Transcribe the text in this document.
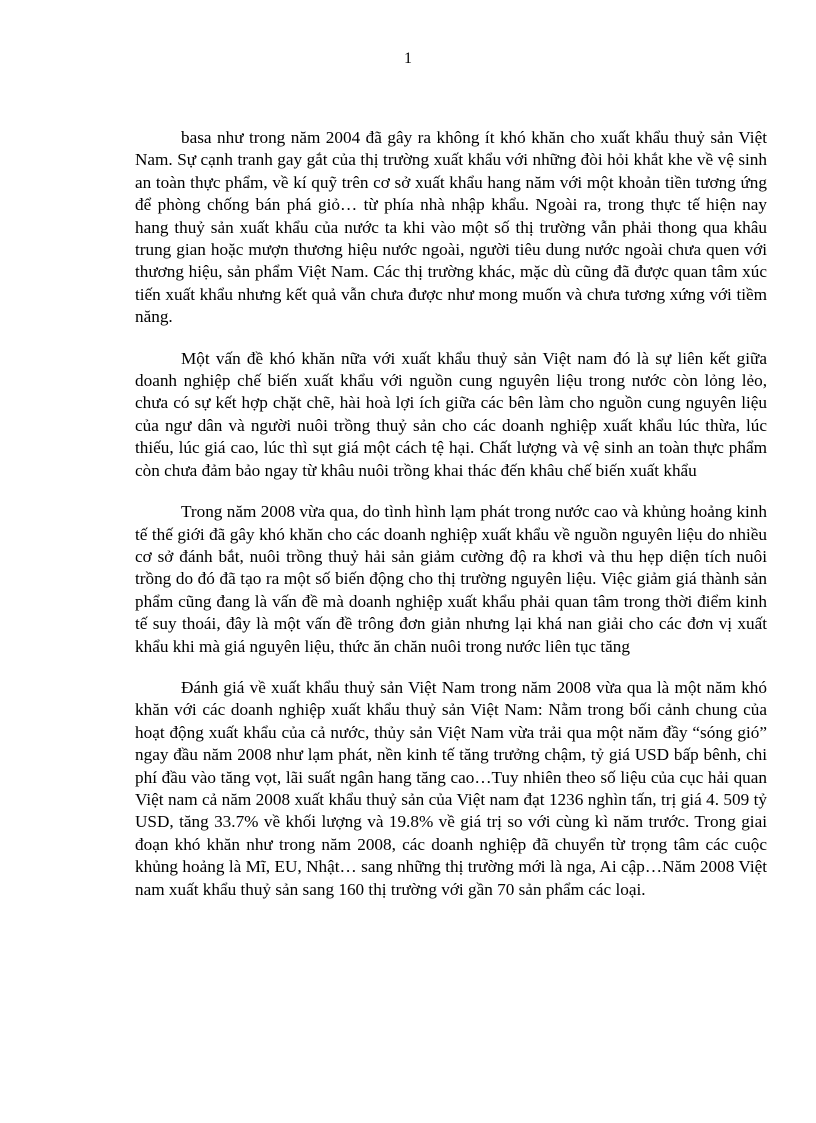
1

basa như trong năm 2004 đã gây ra không ít khó khăn cho xuất khẩu thuỷ sản Việt Nam. Sự cạnh tranh gay gắt của thị trường xuất khẩu với những đòi hỏi khắt khe về vệ sinh an toàn thực phẩm, về kí quỹ trên cơ sở xuất khẩu hang năm với một khoản tiền tương ứng để phòng chống bán phá giỏ… từ phía nhà nhập khẩu. Ngoài ra, trong thực tế hiện nay hang thuỷ sản xuất khẩu của nước ta khi vào một số thị trường vẫn phải thong qua khâu trung gian hoặc mượn thương hiệu nước ngoài, người tiêu dung nước ngoài chưa quen với thương hiệu, sản phẩm Việt Nam. Các thị trường khác, mặc dù cũng đã được quan tâm xúc tiến xuất khẩu nhưng kết quả vẫn chưa được như mong muốn và chưa tương xứng với tiềm năng.

Một vấn đề khó khăn nữa với xuất khẩu thuỷ sản Việt nam đó là sự liên kết giữa doanh nghiệp chế biến xuất khẩu với nguồn cung nguyên liệu trong nước còn lỏng lẻo, chưa có sự kết hợp chặt chẽ, hài hoà lợi ích giữa các bên làm cho nguồn cung nguyên liệu của ngư dân và người nuôi trồng thuỷ sản cho các doanh nghiệp xuất khẩu lúc thừa, lúc thiếu, lúc giá cao, lúc thì sụt giá một cách tệ hại. Chất lượng và vệ sinh an toàn thực phẩm còn chưa đảm bảo ngay từ khâu nuôi trồng khai thác đến khâu chế biến xuất khẩu

Trong năm 2008 vừa qua, do tình hình lạm phát trong nước cao và khủng hoảng kinh tế thế giới đã gây khó khăn cho các doanh nghiệp xuất khẩu về nguồn nguyên liệu do nhiều cơ sở đánh bắt, nuôi trồng thuỷ hải sản giảm cường độ ra khơi và thu hẹp diện tích nuôi trồng do đó đã tạo ra một số biến động cho thị trường nguyên liệu. Việc giảm giá thành sản phẩm cũng đang là vấn đề mà doanh nghiệp xuất khẩu phải quan tâm trong thời điểm kinh tế suy thoái, đây là một vấn đề trông đơn giản nhưng lại khá nan giải cho các đơn vị xuất khẩu khi mà giá nguyên liệu, thức ăn chăn nuôi trong nước liên tục tăng

Đánh giá về xuất khẩu thuỷ sản Việt Nam trong năm 2008 vừa qua là một năm khó khăn với các doanh nghiệp xuất khẩu thuỷ sản Việt Nam: Nằm trong bối cảnh chung của hoạt động xuất khẩu của cả nước, thủy sản Việt Nam vừa trải qua một năm đầy “sóng gió” ngay đầu năm 2008 như lạm phát, nền kinh tế tăng trưởng chậm, tỷ giá USD bấp bênh, chi phí đầu vào tăng vọt, lãi suất ngân hang tăng cao…Tuy nhiên theo số liệu của cục hải quan Việt nam cả năm 2008 xuất khẩu thuỷ sản của Việt nam đạt 1236 nghìn tấn, trị giá 4. 509 tỷ USD, tăng 33.7% về khối lượng và 19.8% về giá trị so với cùng kì năm trước. Trong giai đoạn khó khăn như trong năm 2008, các doanh nghiệp đã chuyển từ trọng tâm các cuộc khủng hoảng là Mĩ, EU, Nhật… sang những thị trường mới là nga, Ai cập…Năm 2008 Việt nam xuất khẩu thuỷ sản sang 160 thị trường với gần 70 sản phẩm các loại.
